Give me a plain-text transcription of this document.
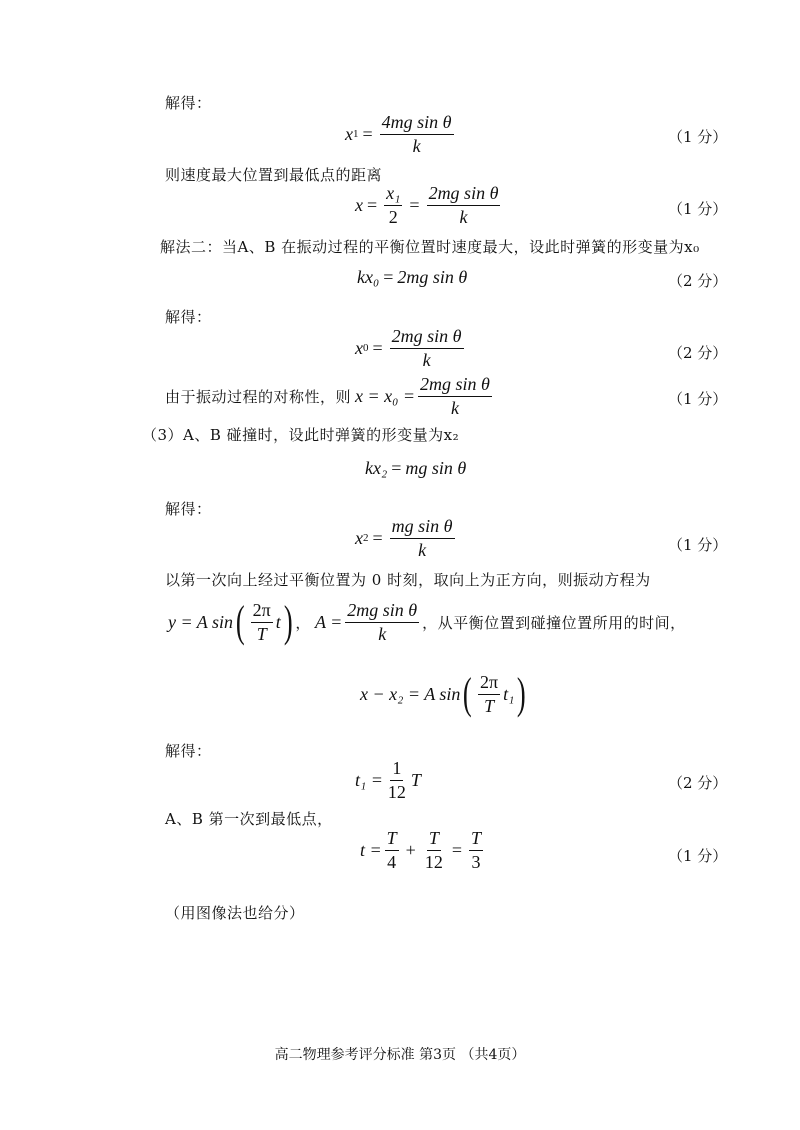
解得：
x $1 = \frac{\text{4mg sin θ}}{k}$	（1 分）
则速度最大位置到最低点的距离
$x = \frac{\text{x₁}}{2} = \frac{\text{2mg sin θ}}{k}$	（1 分）
解法二：当A、B 在振动过程的平衡位置时速度最大，设此时弹簧的形变量为x₀
kx₀ = 2mg sin θ	（2 分）
解得：
x $0 = \frac{\text{2mg sin θ}}{k}$	（2 分）
由于振动过程的对称性，则 $x = x_0 = \frac{\text{2mg sin θ}}{k}$	（1 分）
（3）A、B 碰撞时，设此时弹簧的形变量为x₂
kx₂ = mg sin θ
解得：
x $2 = \frac{\text{mg sin θ}}{k}$	（1 分）
以第一次向上经过平衡位置为 0 时刻，取向上为正方向，则振动方程为
y = A sin ( $\frac{2\pi}{T}$ t ) ， $A = \frac{\text{2mg sin θ}}{k}$ ，从平衡位置到碰撞位置所用的时间，
x − x₂ = A sin ( $\frac{2\pi}{T} t_1$ )
解得：
$t_1 = \frac{1}{12}$ T	（2 分）
A、B 第一次到最低点，
$t = \frac{T}{4} + \frac{T}{12} = \frac{T}{3}$	（1 分）
（用图像法也给分）
高二物理参考评分标准 第3页 （共4页）
